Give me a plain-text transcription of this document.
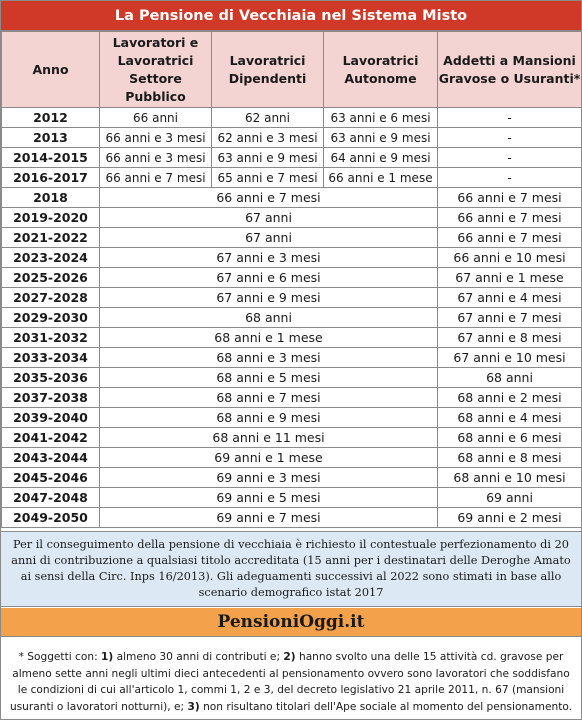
La Pensione di Vecchiaia nel Sistema Misto
Anno	Lavoratori e Lavoratrici Settore Pubblico	Lavoratrici Dipendenti	Lavoratrici Autonome	Addetti a Mansioni Gravose o Usuranti*
2012	66 anni	62 anni	63 anni e 6 mesi	-
2013	66 anni e 3 mesi	62 anni e 3 mesi	63 anni e 9 mesi	-
2014-2015	66 anni e 3 mesi	63 anni e 9 mesi	64 anni e 9 mesi	-
2016-2017	66 anni e 7 mesi	65 anni e 7 mesi	66 anni e 1 mese	-
2018	66 anni e 7 mesi			66 anni e 7 mesi
2019-2020	67 anni			66 anni e 7 mesi
2021-2022	67 anni			66 anni e 7 mesi
2023-2024	67 anni e 3 mesi			66 anni e 10 mesi
2025-2026	67 anni e 6 mesi			67 anni e 1 mese
2027-2028	67 anni e 9 mesi			67 anni e 4 mesi
2029-2030	68 anni			67 anni e 7 mesi
2031-2032	68 anni e 1 mese			67 anni e 8 mesi
2033-2034	68 anni e 3 mesi			67 anni e 10 mesi
2035-2036	68 anni e 5 mesi			68 anni
2037-2038	68 anni e 7 mesi			68 anni e 2 mesi
2039-2040	68 anni e 9 mesi			68 anni e 4 mesi
2041-2042	68 anni e 11 mesi			68 anni e 6 mesi
2043-2044	69 anni e 1 mese			68 anni e 8 mesi
2045-2046	69 anni e 3 mesi			68 anni e 10 mesi
2047-2048	69 anni e 5 mesi			69 anni
2049-2050	69 anni e 7 mesi			69 anni e 2 mesi
Per il conseguimento della pensione di vecchiaia è richiesto il contestuale perfezionamento di 20 anni di contribuzione a qualsiasi titolo accreditata (15 anni per i destinatari delle Deroghe Amato ai sensi della Circ. Inps 16/2013). Gli adeguamenti successivi al 2022 sono stimati in base allo scenario demografico istat 2017
PensioniOggi.it
* Soggetti con: 1) almeno 30 anni di contributi e; 2) hanno svolto una delle 15 attività cd. gravose per almeno sette anni negli ultimi dieci antecedenti al pensionamento ovvero sono lavoratori che soddisfano le condizioni di cui all'articolo 1, commi 1, 2 e 3, del decreto legislativo 21 aprile 2011, n. 67 (mansioni usuranti o lavoratori notturni), e; 3) non risultano titolari dell'Ape sociale al momento del pensionamento.
